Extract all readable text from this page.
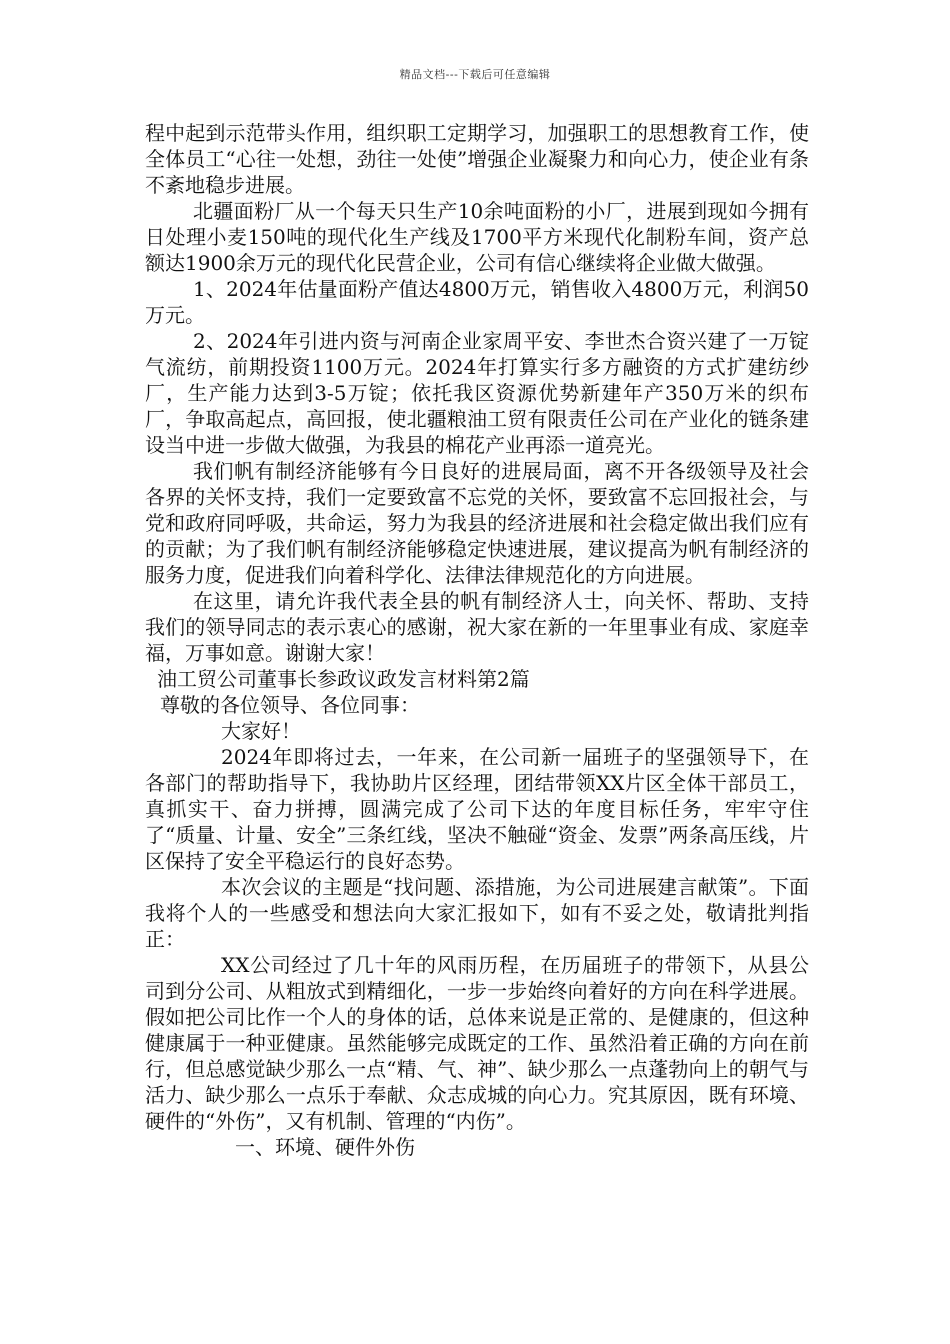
精品文档---下载后可任意编辑

程中起到示范带头作用，组织职工定期学习，加强职工的思想教育工作，使全体员工“心往一处想，劲往一处使”增强企业凝聚力和向心力，使企业有条不紊地稳步进展。

北疆面粉厂从一个每天只生产10余吨面粉的小厂，进展到现如今拥有日处理小麦150吨的现代化生产线及1700平方米现代化制粉车间，资产总额达1900余万元的现代化民营企业，公司有信心继续将企业做大做强。

1、2024年估量面粉产值达4800万元，销售收入4800万元，利润50万元。

2、2024年引进内资与河南企业家周平安、李世杰合资兴建了一万锭气流纺，前期投资1100万元。2024年打算实行多方融资的方式扩建纺纱厂，生产能力达到3-5万锭；依托我区资源优势新建年产350万米的织布厂，争取高起点，高回报，使北疆粮油工贸有限责任公司在产业化的链条建设当中进一步做大做强，为我县的棉花产业再添一道亮光。

我们帆有制经济能够有今日良好的进展局面，离不开各级领导及社会各界的关怀支持，我们一定要致富不忘党的关怀，要致富不忘回报社会，与党和政府同呼吸，共命运，努力为我县的经济进展和社会稳定做出我们应有的贡献；为了我们帆有制经济能够稳定快速进展，建议提高为帆有制经济的服务力度，促进我们向着科学化、法律法律规范化的方向进展。

在这里，请允许我代表全县的帆有制经济人士，向关怀、帮助、支持我们的领导同志的表示衷心的感谢，祝大家在新的一年里事业有成、家庭幸福，万事如意。谢谢大家！

油工贸公司董事长参政议政发言材料第2篇

尊敬的各位领导、各位同事：

大家好！

2024年即将过去，一年来，在公司新一届班子的坚强领导下，在各部门的帮助指导下，我协助片区经理，团结带领XX片区全体干部员工，真抓实干、奋力拼搏，圆满完成了公司下达的年度目标任务，牢牢守住了“质量、计量、安全”三条红线，坚决不触碰“资金、发票”两条高压线，片区保持了安全平稳运行的良好态势。

本次会议的主题是“找问题、添措施，为公司进展建言献策”。下面我将个人的一些感受和想法向大家汇报如下，如有不妥之处，敬请批判指正：

XX公司经过了几十年的风雨历程，在历届班子的带领下，从县公司到分公司、从粗放式到精细化，一步一步始终向着好的方向在科学进展。假如把公司比作一个人的身体的话，总体来说是正常的、是健康的，但这种健康属于一种亚健康。虽然能够完成既定的工作、虽然沿着正确的方向在前行，但总感觉缺少那么一点“精、气、神”、缺少那么一点蓬勃向上的朝气与活力、缺少那么一点乐于奉献、众志成城的向心力。究其原因，既有环境、硬件的“外伤”，又有机制、管理的“内伤”。

一、环境、硬件外伤
